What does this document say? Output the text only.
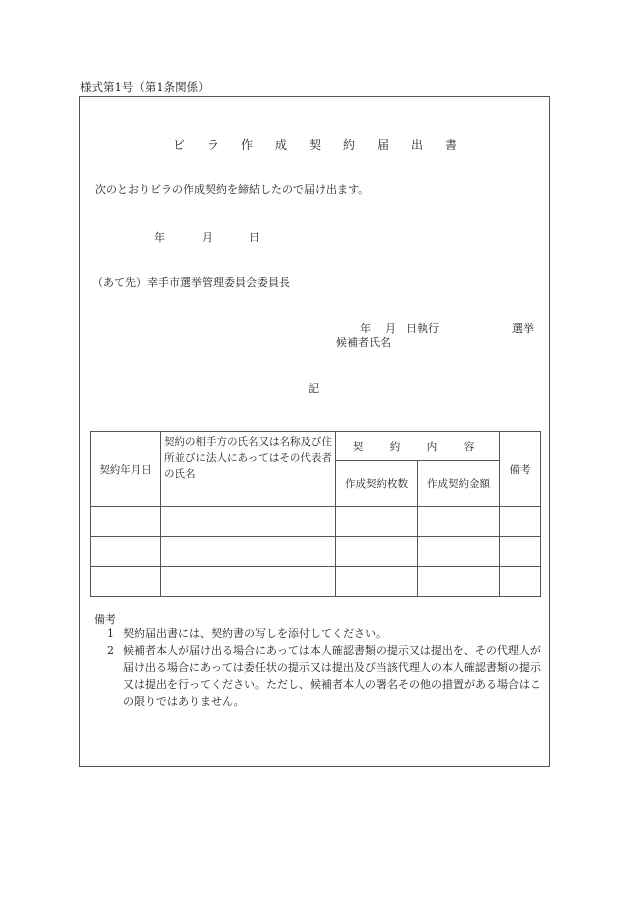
様式第1号（第1条関係）
ビ	ラ	作	成	契	約	届	出	書
次のとおりビラの作成契約を締結したので届け出ます。
年	月	日
（あて先）幸手市選挙管理委員会委員長
年 月 日執行	選挙
候補者氏名
記
契約年月日	契約の相手方の氏名又は名称及び住所並びに法人にあってはその代表者の氏名	契　約　内　容		備考
		作成契約枚数	作成契約金額	

備考
1 契約届出書には、契約書の写しを添付してください。
2 候補者本人が届け出る場合にあっては本人確認書類の提示又は提出を、その代理人が届け出る場合にあっては委任状の提示又は提出及び当該代理人の本人確認書類の提示又は提出を行ってください。ただし、候補者本人の署名その他の措置がある場合はこの限りではありません。
